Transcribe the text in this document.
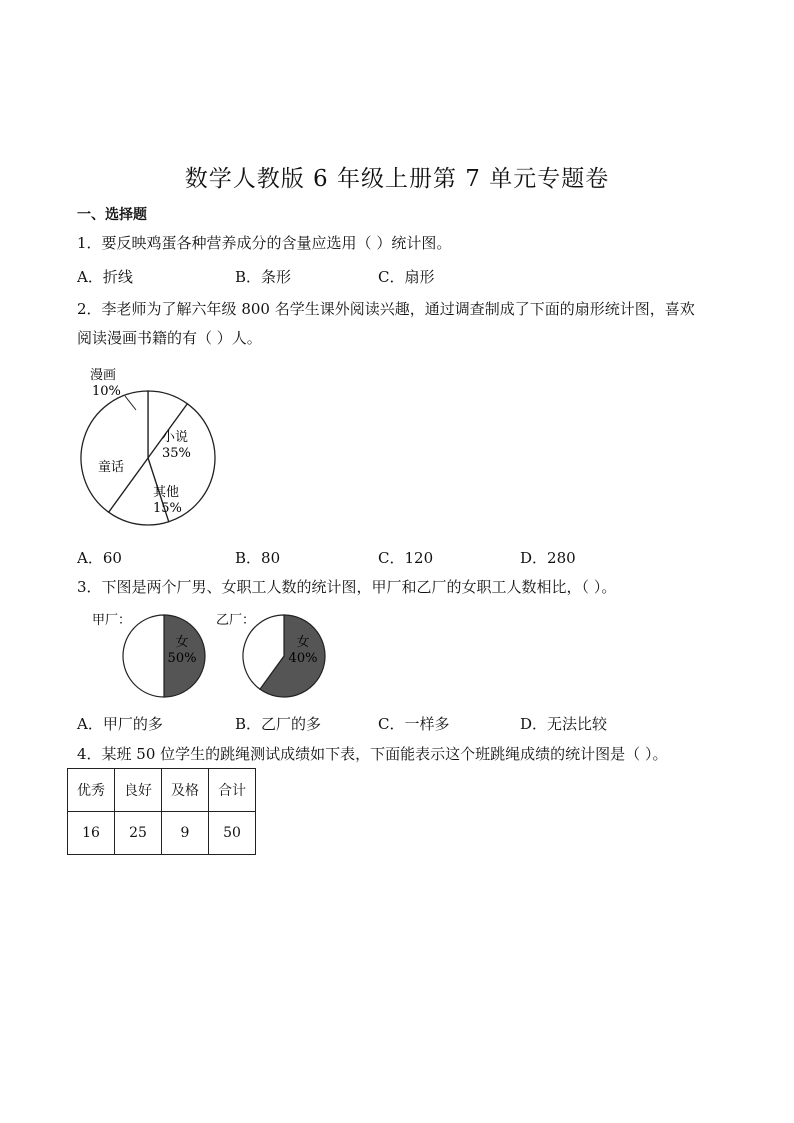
数学人教版 6 年级上册第 7 单元专题卷
一、选择题
1．要反映鸡蛋各种营养成分的含量应选用（ ）统计图。
A．折线	B．条形	C．扇形
2．李老师为了解六年级 800 名学生课外阅读兴趣，通过调查制成了下面的扇形统计图，喜欢
阅读漫画书籍的有（ ）人。
漫画
10%
小说
35%
其他
15%
童话
A．60	B．80	C．120	D．280
3．下图是两个厂男、女职工人数的统计图，甲厂和乙厂的女职工人数相比，（ ）。
甲厂：
男
50%
女
50%
乙厂：
男
60%
女
40%
A．甲厂的多	B．乙厂的多	C．一样多	D．无法比较
4．某班 50 位学生的跳绳测试成绩如下表，下面能表示这个班跳绳成绩的统计图是（ ）。
优秀	良好	及格	合计
16	25	9	50
